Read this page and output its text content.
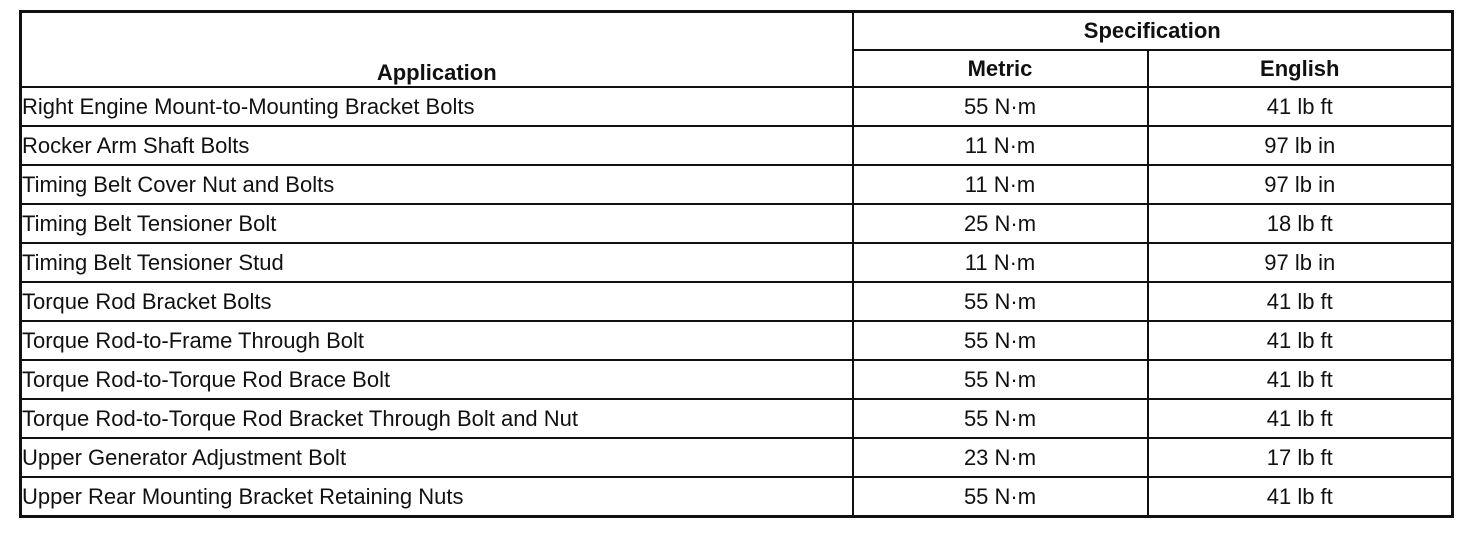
Application	Specification	
	Metric	English
Right Engine Mount-to-Mounting Bracket Bolts	55 N·m	41 lb ft
Rocker Arm Shaft Bolts	11 N·m	97 lb in
Timing Belt Cover Nut and Bolts	11 N·m	97 lb in
Timing Belt Tensioner Bolt	25 N·m	18 lb ft
Timing Belt Tensioner Stud	11 N·m	97 lb in
Torque Rod Bracket Bolts	55 N·m	41 lb ft
Torque Rod-to-Frame Through Bolt	55 N·m	41 lb ft
Torque Rod-to-Torque Rod Brace Bolt	55 N·m	41 lb ft
Torque Rod-to-Torque Rod Bracket Through Bolt and Nut	55 N·m	41 lb ft
Upper Generator Adjustment Bolt	23 N·m	17 lb ft
Upper Rear Mounting Bracket Retaining Nuts	55 N·m	41 lb ft
